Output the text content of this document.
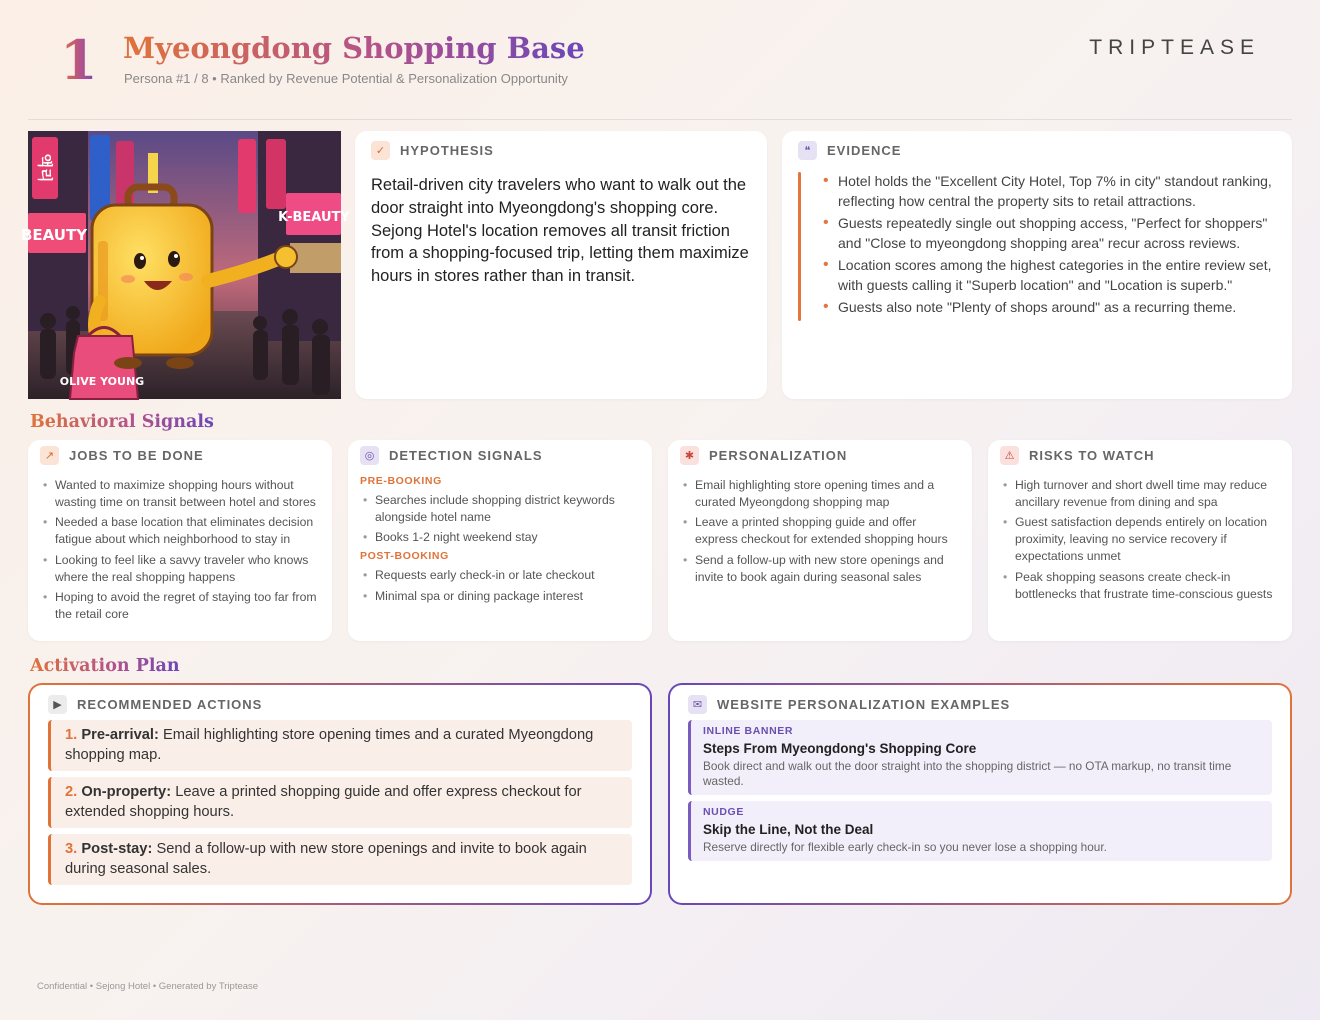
1 Myeongdong Shopping Base
Persona #1 / 8 • Ranked by Revenue Potential & Personalization Opportunity
TRIPTEASE
액리
BEAUTY
K-BEAUTY
OLIVE YOUNG
✓	HYPOTHESIS
Retail-driven city travelers who want to walk out the door straight into Myeongdong's shopping core. Sejong Hotel's location removes all transit friction from a shopping-focused trip, letting them maximize hours in stores rather than in transit.
❝	EVIDENCE
• Hotel holds the "Excellent City Hotel, Top 7% in city" standout ranking, reflecting how central the property sits to retail attractions.
• Guests repeatedly single out shopping access, "Perfect for shoppers" and "Close to myeongdong shopping area" recur across reviews.
• Location scores among the highest categories in the entire review set, with guests calling it "Superb location" and "Location is superb."
• Guests also note "Plenty of shops around" as a recurring theme.
Behavioral Signals
↗	JOBS TO BE DONE
• Wanted to maximize shopping hours without wasting time on transit between hotel and stores
• Needed a base location that eliminates decision fatigue about which neighborhood to stay in
• Looking to feel like a savvy traveler who knows where the real shopping happens
• Hoping to avoid the regret of staying too far from the retail core
◎	DETECTION SIGNALS
PRE-BOOKING
• Searches include shopping district keywords alongside hotel name
• Books 1-2 night weekend stay
POST-BOOKING
• Requests early check-in or late checkout
• Minimal spa or dining package interest
✱	PERSONALIZATION
• Email highlighting store opening times and a curated Myeongdong shopping map
• Leave a printed shopping guide and offer express checkout for extended shopping hours
• Send a follow-up with new store openings and invite to book again during seasonal sales
⚠	RISKS TO WATCH
• High turnover and short dwell time may reduce ancillary revenue from dining and spa
• Guest satisfaction depends entirely on location proximity, leaving no service recovery if expectations unmet
• Peak shopping seasons create check-in bottlenecks that frustrate time-conscious guests
Activation Plan
▶	RECOMMENDED ACTIONS
1. Pre-arrival: Email highlighting store opening times and a curated Myeongdong shopping map.
2. On-property: Leave a printed shopping guide and offer express checkout for extended shopping hours.
3. Post-stay: Send a follow-up with new store openings and invite to book again during seasonal sales.
✉	WEBSITE PERSONALIZATION EXAMPLES
INLINE BANNER
Steps From Myeongdong's Shopping Core
Book direct and walk out the door straight into the shopping district — no OTA markup, no transit time wasted.
NUDGE
Skip the Line, Not the Deal
Reserve directly for flexible early check-in so you never lose a shopping hour.
Confidential • Sejong Hotel • Generated by Triptease
